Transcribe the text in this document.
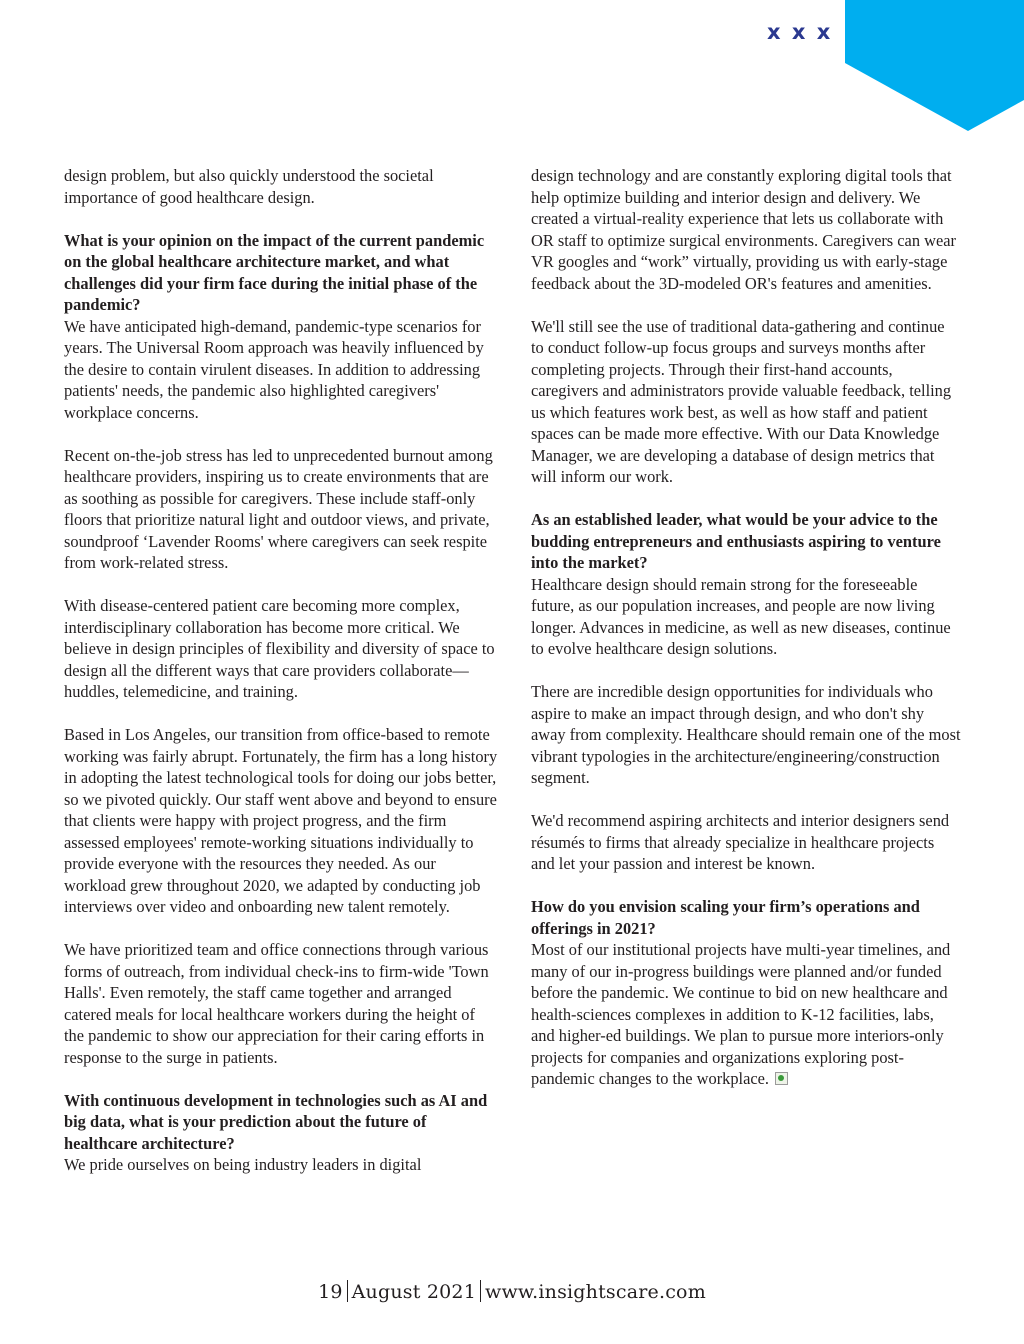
x x x

design problem, but also quickly understood the societal importance of good healthcare design.

What is your opinion on the impact of the current pandemic on the global healthcare architecture market, and what challenges did your firm face during the initial phase of the pandemic?

We have anticipated high-demand, pandemic-type scenarios for years. The Universal Room approach was heavily influenced by the desire to contain virulent diseases. In addition to addressing patients' needs, the pandemic also highlighted caregivers' workplace concerns.

Recent on-the-job stress has led to unprecedented burnout among healthcare providers, inspiring us to create environments that are as soothing as possible for caregivers. These include staff-only floors that prioritize natural light and outdoor views, and private, soundproof ‘Lavender Rooms' where caregivers can seek respite from work-related stress.

With disease-centered patient care becoming more complex, interdisciplinary collaboration has become more critical. We believe in design principles of flexibility and diversity of space to design all the different ways that care providers collaborate—huddles, telemedicine, and training.

Based in Los Angeles, our transition from office-based to remote working was fairly abrupt. Fortunately, the firm has a long history in adopting the latest technological tools for doing our jobs better, so we pivoted quickly. Our staff went above and beyond to ensure that clients were happy with project progress, and the firm assessed employees' remote-working situations individually to provide everyone with the resources they needed. As our workload grew throughout 2020, we adapted by conducting job interviews over video and onboarding new talent remotely.

We have prioritized team and office connections through various forms of outreach, from individual check-ins to firm-wide 'Town Halls'. Even remotely, the staff came together and arranged catered meals for local healthcare workers during the height of the pandemic to show our appreciation for their caring efforts in response to the surge in patients.

With continuous development in technologies such as AI and big data, what is your prediction about the future of healthcare architecture?

We pride ourselves on being industry leaders in digital

design technology and are constantly exploring digital tools that help optimize building and interior design and delivery. We created a virtual-reality experience that lets us collaborate with OR staff to optimize surgical environments. Caregivers can wear VR googles and “work” virtually, providing us with early-stage feedback about the 3D-modeled OR's features and amenities.

We'll still see the use of traditional data-gathering and continue to conduct follow-up focus groups and surveys months after completing projects. Through their first-hand accounts, caregivers and administrators provide valuable feedback, telling us which features work best, as well as how staff and patient spaces can be made more effective. With our Data Knowledge Manager, we are developing a database of design metrics that will inform our work.

As an established leader, what would be your advice to the budding entrepreneurs and enthusiasts aspiring to venture into the market?

Healthcare design should remain strong for the foreseeable future, as our population increases, and people are now living longer. Advances in medicine, as well as new diseases, continue to evolve healthcare design solutions.

There are incredible design opportunities for individuals who aspire to make an impact through design, and who don't shy away from complexity. Healthcare should remain one of the most vibrant typologies in the architecture/engineering/construction segment.

We'd recommend aspiring architects and interior designers send résumés to firms that already specialize in healthcare projects and let your passion and interest be known.

How do you envision scaling your firm’s operations and offerings in 2021?

Most of our institutional projects have multi-year timelines, and many of our in-progress buildings were planned and/or funded before the pandemic. We continue to bid on new healthcare and health-sciences complexes in addition to K-12 facilities, labs, and higher-ed buildings. We plan to pursue more interiors-only projects for companies and organizations exploring post-pandemic changes to the workplace.

19 August 2021 www.insightscare.com
